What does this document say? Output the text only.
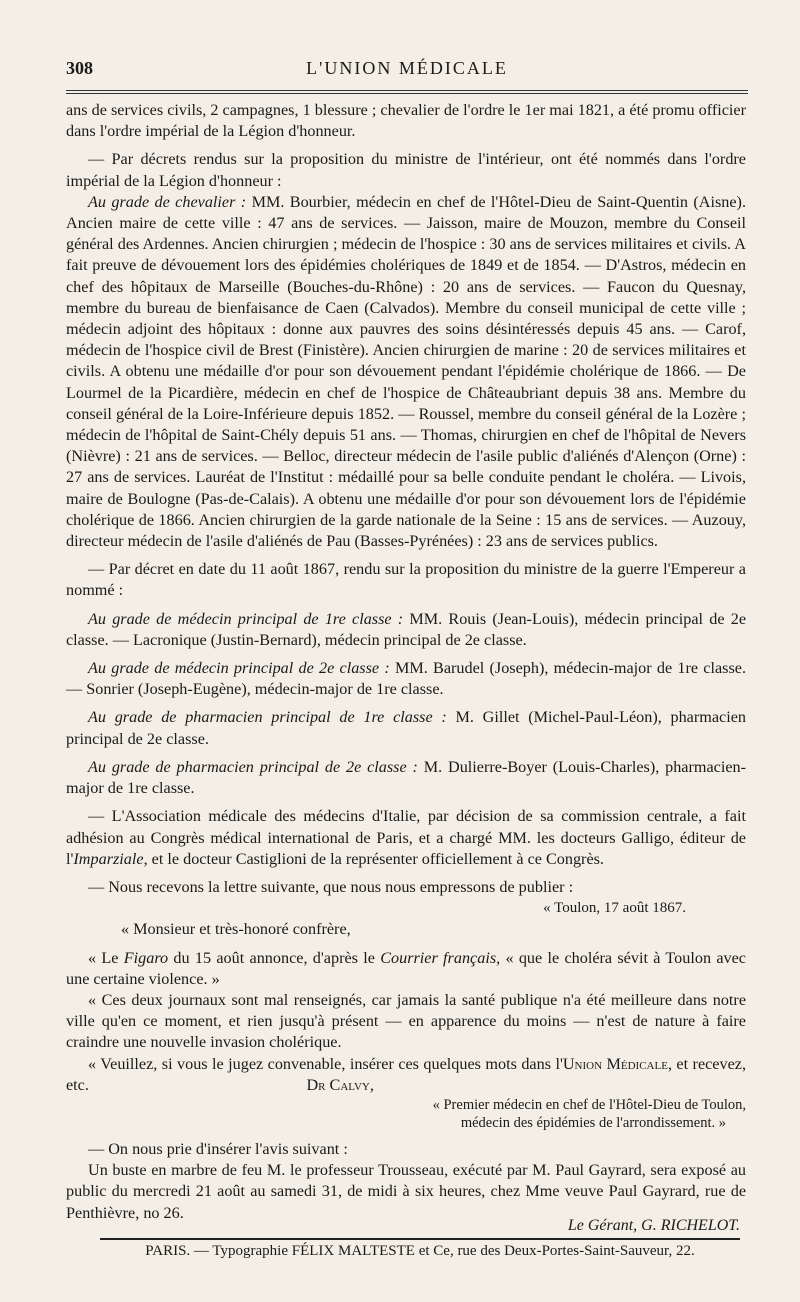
308	L'UNION MÉDICALE

ans de services civils, 2 campagnes, 1 blessure ; chevalier de l'ordre le 1er mai 1821, a été promu officier dans l'ordre impérial de la Légion d'honneur.

— Par décrets rendus sur la proposition du ministre de l'intérieur, ont été nommés dans l'ordre impérial de la Légion d'honneur :

Au grade de chevalier : MM. Bourbier, médecin en chef de l'Hôtel-Dieu de Saint-Quentin (Aisne). Ancien maire de cette ville : 47 ans de services. — Jaisson, maire de Mouzon, membre du Conseil général des Ardennes. Ancien chirurgien ; médecin de l'hospice : 30 ans de services militaires et civils. A fait preuve de dévouement lors des épidémies cholériques de 1849 et de 1854. — D'Astros, médecin en chef des hôpitaux de Marseille (Bouches-du-Rhône) : 20 ans de services. — Faucon du Quesnay, membre du bureau de bienfaisance de Caen (Calvados). Membre du conseil municipal de cette ville ; médecin adjoint des hôpitaux : donne aux pauvres des soins désintéressés depuis 45 ans. — Carof, médecin de l'hospice civil de Brest (Finistère). Ancien chirurgien de marine : 20 de services militaires et civils. A obtenu une médaille d'or pour son dévouement pendant l'épidémie cholérique de 1866. — De Lourmel de la Picardière, médecin en chef de l'hospice de Châteaubriant depuis 38 ans. Membre du conseil général de la Loire-Inférieure depuis 1852. — Roussel, membre du conseil général de la Lozère ; médecin de l'hôpital de Saint-Chély depuis 51 ans. — Thomas, chirurgien en chef de l'hôpital de Nevers (Nièvre) : 21 ans de services. — Belloc, directeur médecin de l'asile public d'aliénés d'Alençon (Orne) : 27 ans de services. Lauréat de l'Institut : médaillé pour sa belle conduite pendant le choléra. — Livois, maire de Boulogne (Pas-de-Calais). A obtenu une médaille d'or pour son dévouement lors de l'épidémie cholérique de 1866. Ancien chirurgien de la garde nationale de la Seine : 15 ans de services. — Auzouy, directeur médecin de l'asile d'aliénés de Pau (Basses-Pyrénées) : 23 ans de services publics.

— Par décret en date du 11 août 1867, rendu sur la proposition du ministre de la guerre l'Empereur a nommé :

Au grade de médecin principal de 1re classe : MM. Rouis (Jean-Louis), médecin principal de 2e classe. — Lacronique (Justin-Bernard), médecin principal de 2e classe.

Au grade de médecin principal de 2e classe : MM. Barudel (Joseph), médecin-major de 1re classe. — Sonrier (Joseph-Eugène), médecin-major de 1re classe.

Au grade de pharmacien principal de 1re classe : M. Gillet (Michel-Paul-Léon), pharmacien principal de 2e classe.

Au grade de pharmacien principal de 2e classe : M. Dulierre-Boyer (Louis-Charles), pharmacien-major de 1re classe.

— L'Association médicale des médecins d'Italie, par décision de sa commission centrale, a fait adhésion au Congrès médical international de Paris, et a chargé MM. les docteurs Galligo, éditeur de l'Imparziale, et le docteur Castiglioni de la représenter officiellement à ce Congrès.

— Nous recevons la lettre suivante, que nous nous empressons de publier :

« Toulon, 17 août 1867.

« Monsieur et très-honoré confrère,

« Le Figaro du 15 août annonce, d'après le Courrier français, « que le choléra sévit à Toulon avec une certaine violence. »

« Ces deux journaux sont mal renseignés, car jamais la santé publique n'a été meilleure dans notre ville qu'en ce moment, et rien jusqu'à présent — en apparence du moins — n'est de nature à faire craindre une nouvelle invasion cholérique.

« Veuillez, si vous le jugez convenable, insérer ces quelques mots dans l'Union Médicale, et recevez, etc.	Dr Calvy,

« Premier médecin en chef de l'Hôtel-Dieu de Toulon,

médecin des épidémies de l'arrondissement. »

— On nous prie d'insérer l'avis suivant :

Un buste en marbre de feu M. le professeur Trousseau, exécuté par M. Paul Gayrard, sera exposé au public du mercredi 21 août au samedi 31, de midi à six heures, chez Mme veuve Paul Gayrard, rue de Penthièvre, no 26.

Le Gérant, G. RICHELOT.
PARIS. — Typographie FÉLIX MALTESTE et Ce, rue des Deux-Portes-Saint-Sauveur, 22.
